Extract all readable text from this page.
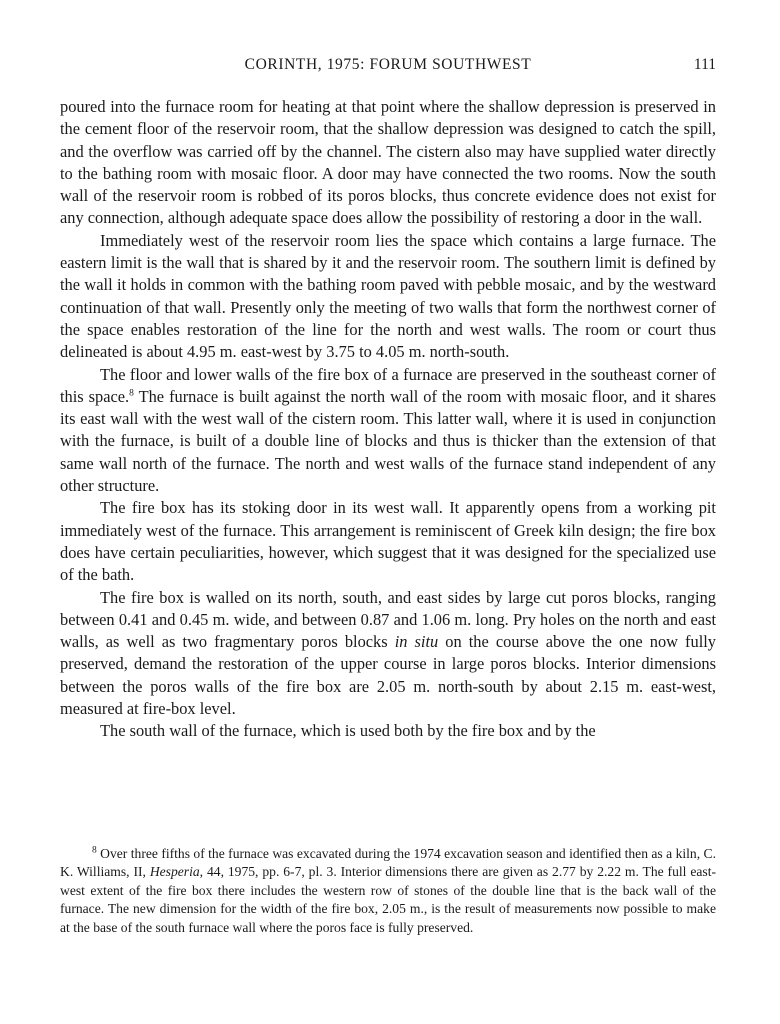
CORINTH, 1975: FORUM SOUTHWEST	111

poured into the furnace room for heating at that point where the shallow depression is preserved in the cement floor of the reservoir room, that the shallow depression was designed to catch the spill, and the overflow was carried off by the channel. The cistern also may have supplied water directly to the bathing room with mosaic floor. A door may have connected the two rooms. Now the south wall of the reservoir room is robbed of its poros blocks, thus concrete evidence does not exist for any connection, although adequate space does allow the possibility of restoring a door in the wall.

Immediately west of the reservoir room lies the space which contains a large furnace. The eastern limit is the wall that is shared by it and the reservoir room. The southern limit is defined by the wall it holds in common with the bathing room paved with pebble mosaic, and by the westward continuation of that wall. Presently only the meeting of two walls that form the northwest corner of the space enables restoration of the line for the north and west walls. The room or court thus delineated is about 4.95 m. east-west by 3.75 to 4.05 m. north-south.

The floor and lower walls of the fire box of a furnace are preserved in the southeast corner of this space.$^8$ The furnace is built against the north wall of the room with mosaic floor, and it shares its east wall with the west wall of the cistern room. This latter wall, where it is used in conjunction with the furnace, is built of a double line of blocks and thus is thicker than the extension of that same wall north of the furnace. The north and west walls of the furnace stand independent of any other structure.

The fire box has its stoking door in its west wall. It apparently opens from a working pit immediately west of the furnace. This arrangement is reminiscent of Greek kiln design; the fire box does have certain peculiarities, however, which suggest that it was designed for the specialized use of the bath.

The fire box is walled on its north, south, and east sides by large cut poros blocks, ranging between 0.41 and 0.45 m. wide, and between 0.87 and 1.06 m. long. Pry holes on the north and east walls, as well as two fragmentary poros blocks in situ on the course above the one now fully preserved, demand the restoration of the upper course in large poros blocks. Interior dimensions between the poros walls of the fire box are 2.05 m. north-south by about 2.15 m. east-west, measured at fire-box level.

The south wall of the furnace, which is used both by the fire box and by the

$^8$ Over three fifths of the furnace was excavated during the 1974 excavation season and identified then as a kiln, C. K. Williams, II, Hesperia, 44, 1975, pp. 6-7, pl. 3. Interior dimensions there are given as 2.77 by 2.22 m. The full east-west extent of the fire box there includes the western row of stones of the double line that is the back wall of the furnace. The new dimension for the width of the fire box, 2.05 m., is the result of measurements now possible to make at the base of the south furnace wall where the poros face is fully preserved.
